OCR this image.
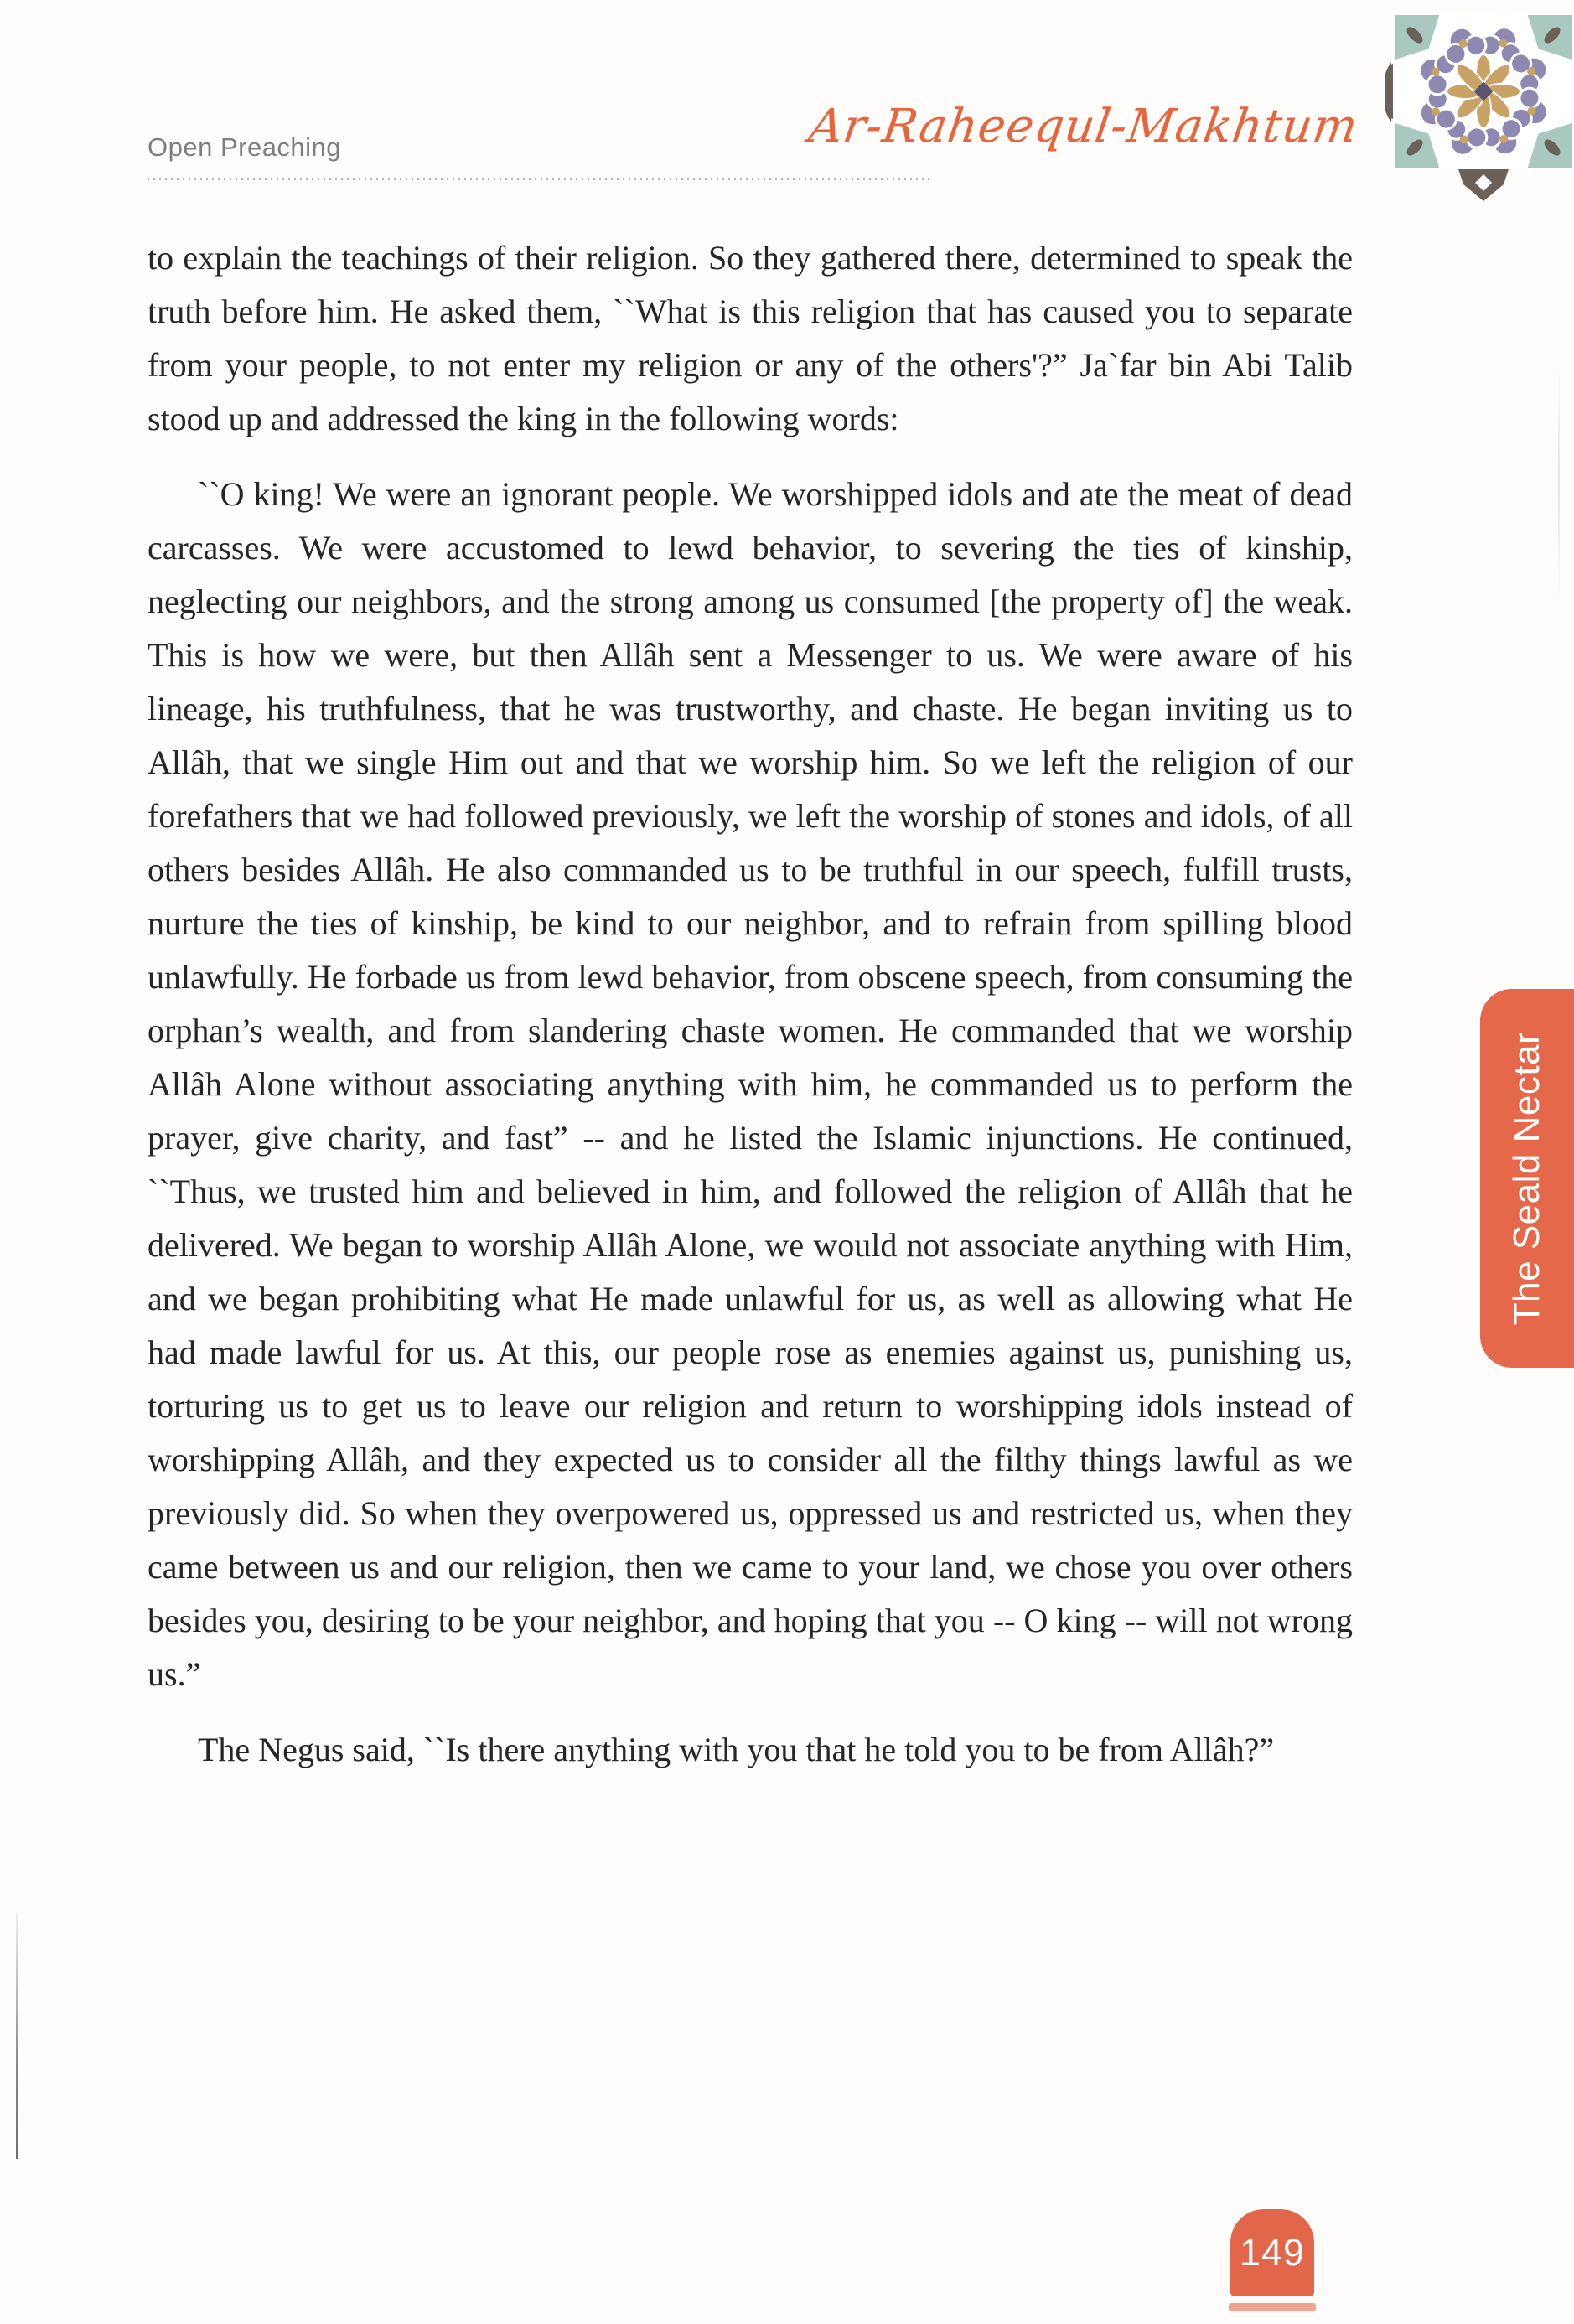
Open Preaching	Ar-Raheequl-Makhtum

to explain the teachings of their religion. So they gathered there, determined to speak the truth before him. He asked them, ``What is this religion that has caused you to separate from your people, to not enter my religion or any of the others'?” Ja`far bin Abi Talib stood up and addressed the king in the following words:

``O king! We were an ignorant people. We worshipped idols and ate the meat of dead carcasses. We were accustomed to lewd behavior, to severing the ties of kinship, neglecting our neighbors, and the strong among us consumed [the property of] the weak. This is how we were, but then Allâh sent a Messenger to us. We were aware of his lineage, his truthfulness, that he was trustworthy, and chaste. He began inviting us to Allâh, that we single Him out and that we worship him. So we left the religion of our forefathers that we had followed previously, we left the worship of stones and idols, of all others besides Allâh. He also commanded us to be truthful in our speech, fulfill trusts, nurture the ties of kinship, be kind to our neighbor, and to refrain from spilling blood unlawfully. He forbade us from lewd behavior, from obscene speech, from consuming the orphan’s wealth, and from slandering chaste women. He commanded that we worship Allâh Alone without associating anything with him, he commanded us to perform the prayer, give charity, and fast” -- and he listed the Islamic injunctions. He continued, ``Thus, we trusted him and believed in him, and followed the religion of Allâh that he delivered. We began to worship Allâh Alone, we would not associate anything with Him, and we began prohibiting what He made unlawful for us, as well as allowing what He had made lawful for us. At this, our people rose as enemies against us, punishing us, torturing us to get us to leave our religion and return to worshipping idols instead of worshipping Allâh, and they expected us to consider all the filthy things lawful as we previously did. So when they overpowered us, oppressed us and restricted us, when they came between us and our religion, then we came to your land, we chose you over others besides you, desiring to be your neighbor, and hoping that you -- O king -- will not wrong us.”

The Negus said, ``Is there anything with you that he told you to be from Allâh?”

The Seald Nectar
149
